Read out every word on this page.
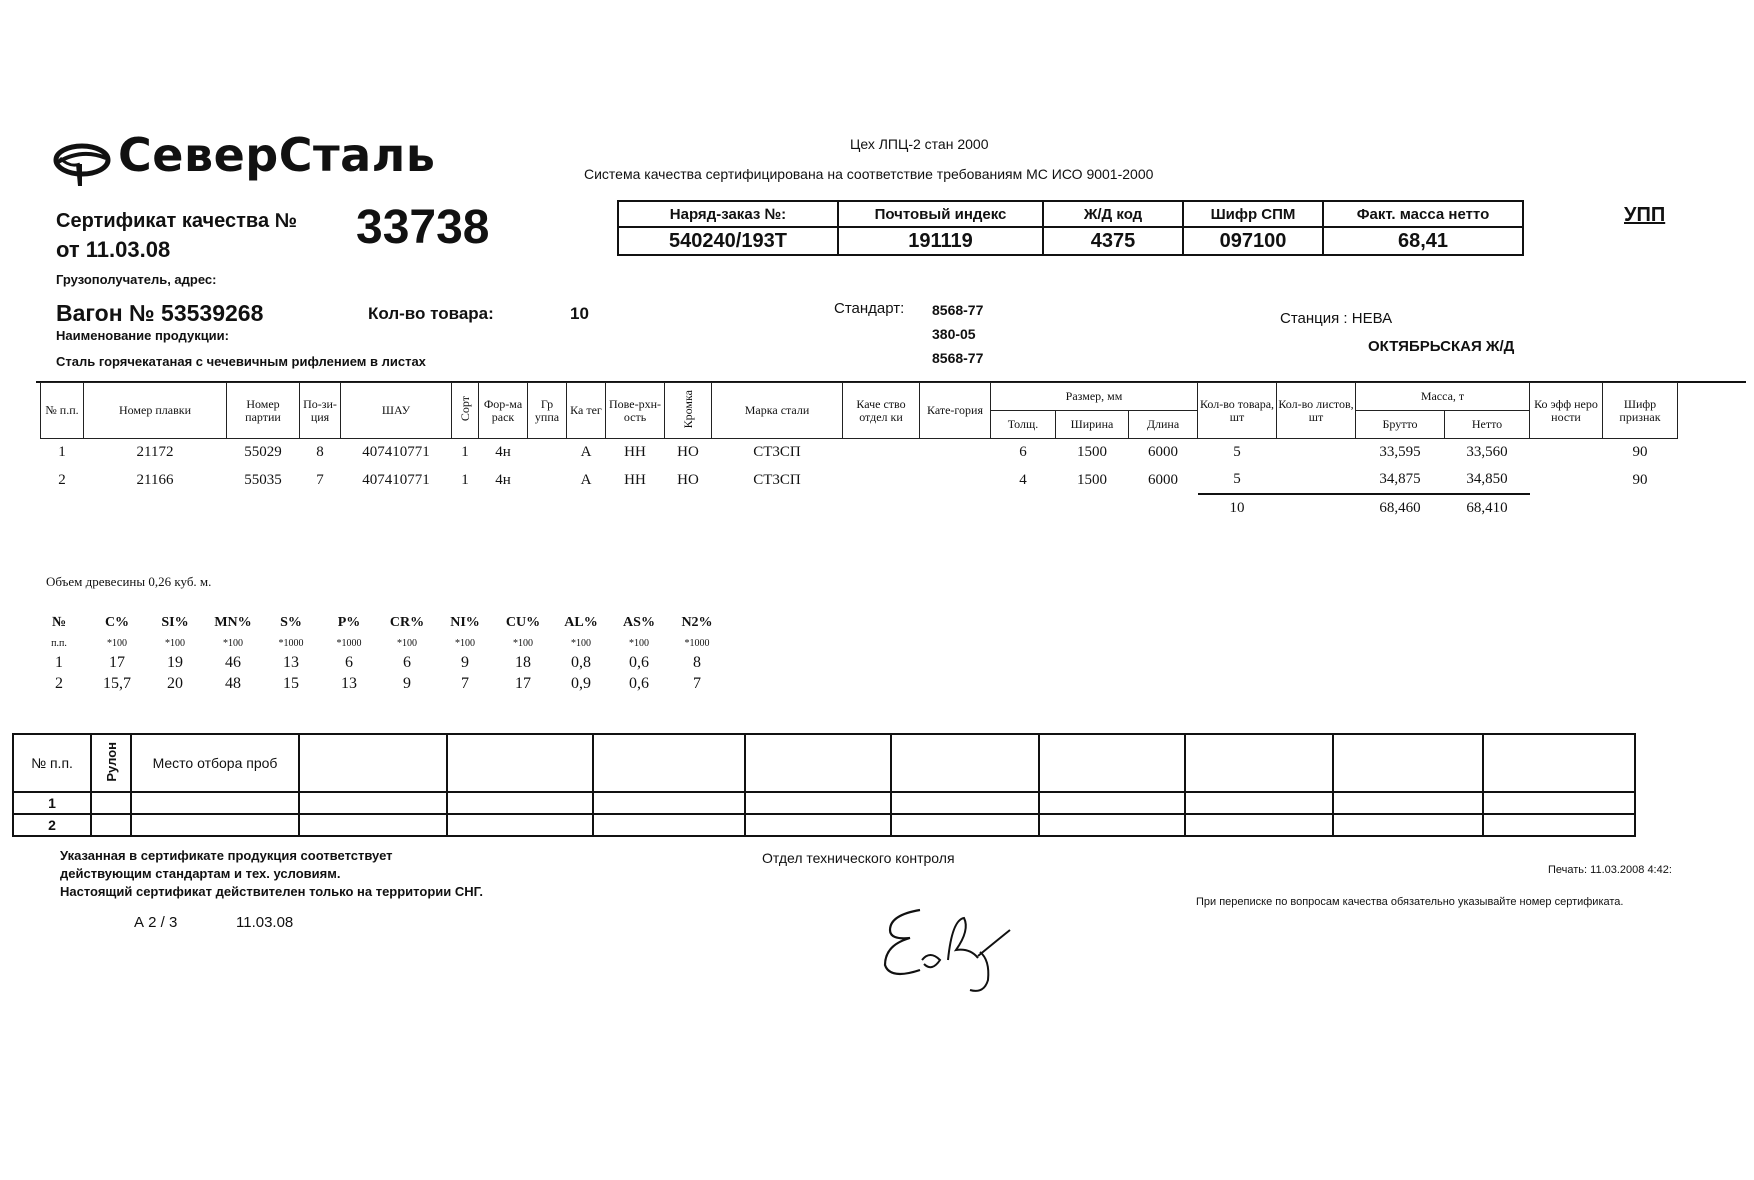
СеверСталь	Цех ЛПЦ-2 стан 2000
Система качества сертифицирована на соответствие требованиям МС ИСО 9001-2000
УПП
Сертификат качества № 33738
от 11.03.08
Грузополучатель, адрес:
Вагон № 53539268	Кол-во товара:	10
Наименование продукции:
Сталь горячекатаная с чечевичным рифлением в листах
Стандарт: 8568-77
380-05
8568-77
Станция : НЕВА
ОКТЯБРЬСКАЯ Ж/Д
Наряд-заказ №:	Почтовый индекс	Ж/Д код	Шифр СПМ	Факт. масса нетто
540240/193Т	191119	4375	097100	68,41
№ п.п.	Номер плавки	Номер партии	По-зи-ция	ШАУ	Сорт	Фор-ма раск	Гр уппа	Ка тег	Пове-рхн-ость	Кромка	Марка стали	Каче ство отдел ки	Кате-гория	Размер, мм			Кол-во товара, шт	Кол-во листов, шт	Масса, т		Ко эфф неро ности	Шифр признак
														Толщ.	Ширина	Длина			Брутто	Нетто		
1	21172	55029	8	407410771	1	4н		А	НН	НО	СТ3СП			6	1500	6000	5		33,595	33,560		90
2	21166	55035	7	407410771	1	4н		А	НН	НО	СТ3СП			4	1500	6000	5		34,875	34,850		90
																	10		68,460	68,410		
Объем древесины 0,26 куб. м.
№	C%	SI%	MN%	S%	P%	CR%	NI%	CU%	AL%	AS%	N2%
п.п.	*100	*100	*100	*1000	*1000	*100	*100	*100	*100	*100	*1000
1	17	19	46	13	6	6	9	18	0,8	0,6	8
2	15,7	20	48	15	13	9	7	17	0,9	0,6	7
№ п.п.	Рулон	Место отбора проб									
1											
2											
Указанная в сертификате продукция соответствует
действующим стандартам и тех. условиям.
Настоящий сертификат действителен только на территории СНГ.
А 2 / 3	11.03.08
Отдел технического контроля
Печать: 11.03.2008 4:42:
При переписке по вопросам качества обязательно указывайте номер сертификата.
